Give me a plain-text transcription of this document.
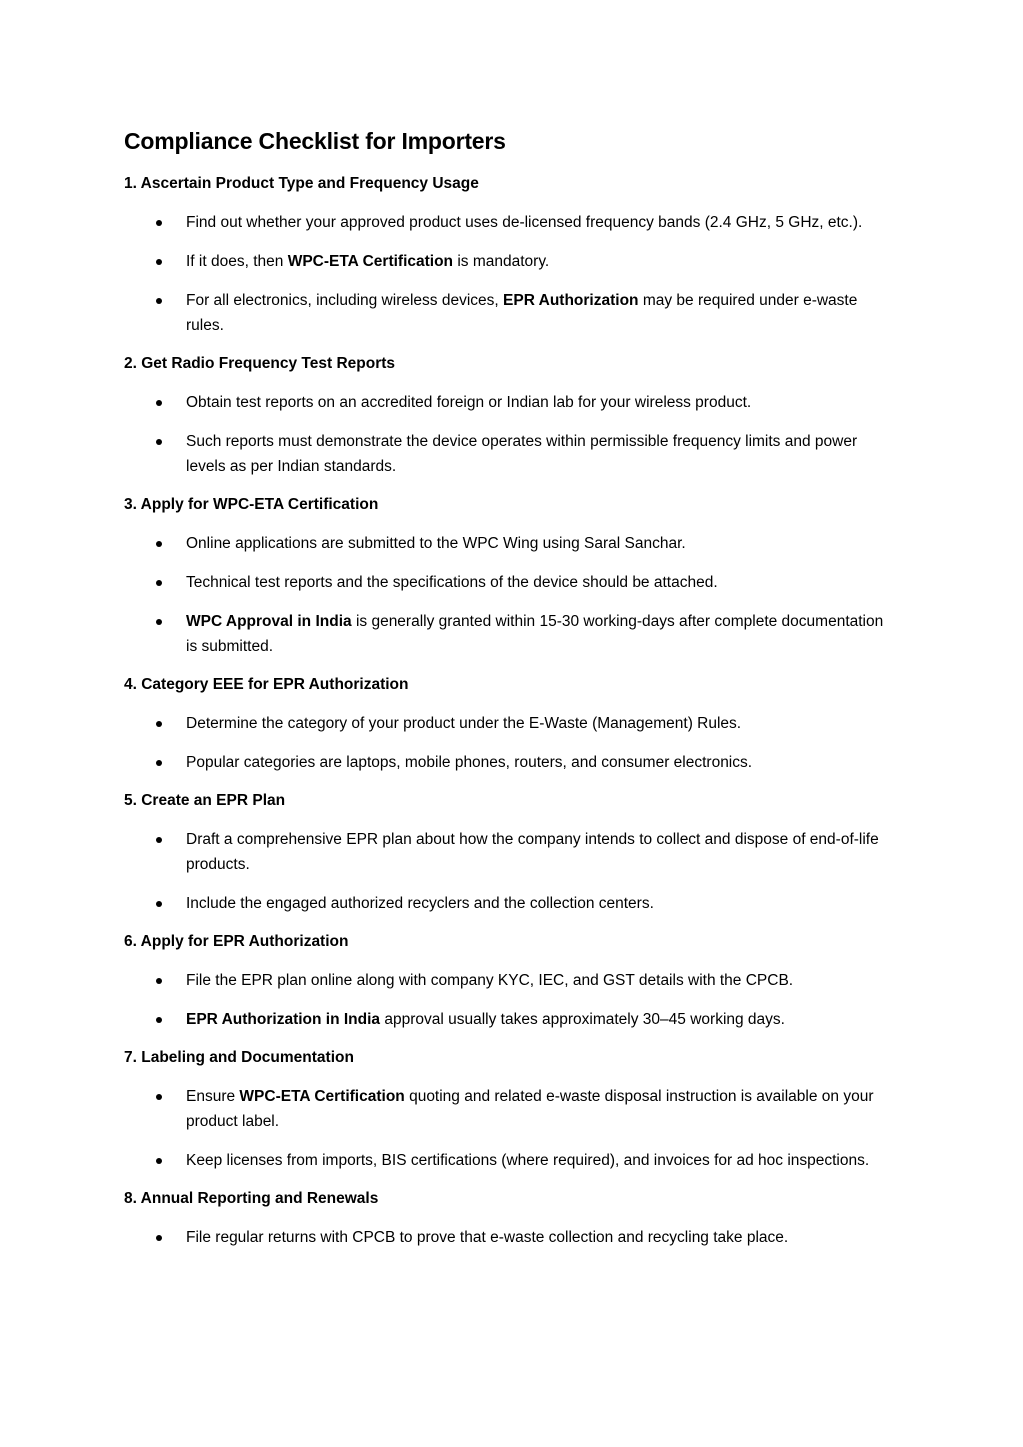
Compliance Checklist for Importers
1. Ascertain Product Type and Frequency Usage
Find out whether your approved product uses de-licensed frequency bands (2.4 GHz, 5 GHz, etc.).
If it does, then WPC-ETA Certification is mandatory.
For all electronics, including wireless devices, EPR Authorization may be required under e-waste rules.
2. Get Radio Frequency Test Reports
Obtain test reports on an accredited foreign or Indian lab for your wireless product.
Such reports must demonstrate the device operates within permissible frequency limits and power levels as per Indian standards.
3. Apply for WPC-ETA Certification
Online applications are submitted to the WPC Wing using Saral Sanchar.
Technical test reports and the specifications of the device should be attached.
WPC Approval in India is generally granted within 15-30 working-days after complete documentation is submitted.
4. Category EEE for EPR Authorization
Determine the category of your product under the E-Waste (Management) Rules.
Popular categories are laptops, mobile phones, routers, and consumer electronics.
5. Create an EPR Plan
Draft a comprehensive EPR plan about how the company intends to collect and dispose of end-of-life products.
Include the engaged authorized recyclers and the collection centers.
6. Apply for EPR Authorization
File the EPR plan online along with company KYC, IEC, and GST details with the CPCB.
EPR Authorization in India approval usually takes approximately 30–45 working days.
7. Labeling and Documentation
Ensure WPC-ETA Certification quoting and related e-waste disposal instruction is available on your product label.
Keep licenses from imports, BIS certifications (where required), and invoices for ad hoc inspections.
8. Annual Reporting and Renewals
File regular returns with CPCB to prove that e-waste collection and recycling take place.
